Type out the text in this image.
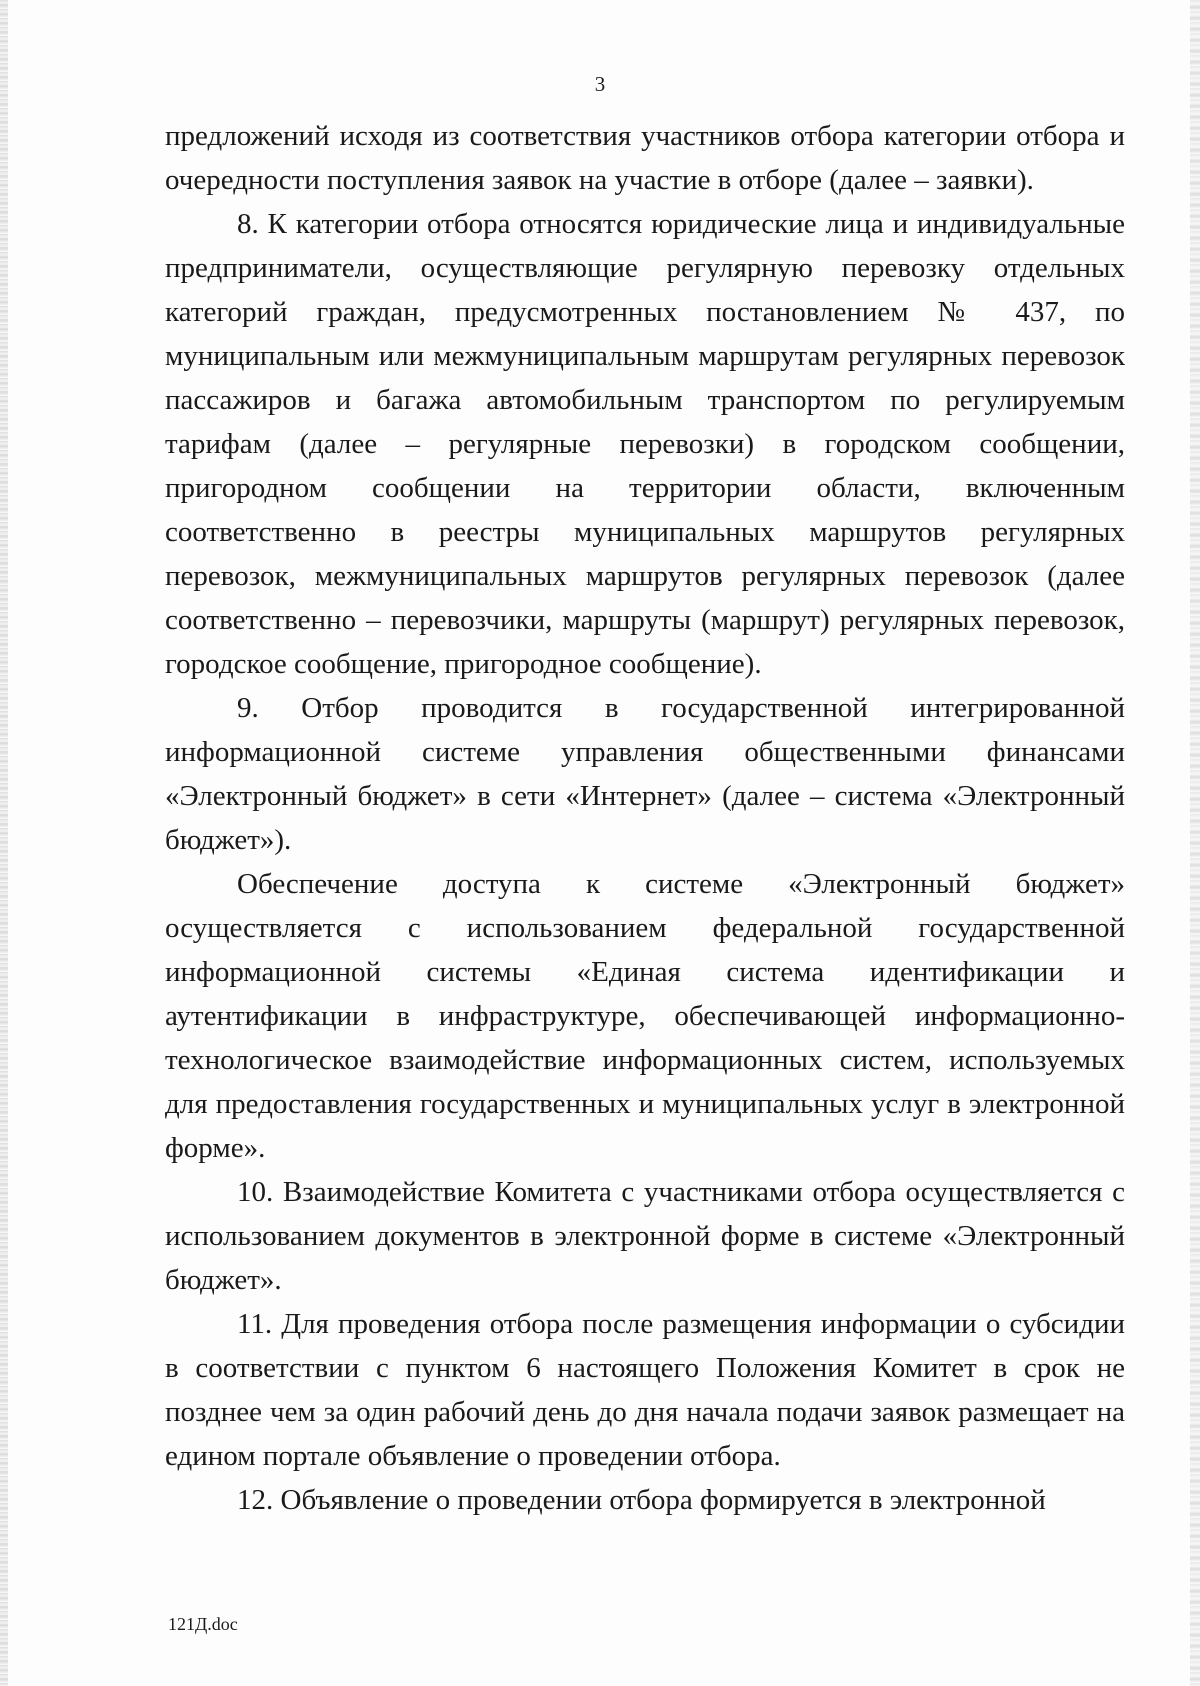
3

предложений исходя из соответствия участников отбора категории отбора и очередности поступления заявок на участие в отборе (далее – заявки).

8. К категории отбора относятся юридические лица и индивидуальные предприниматели, осуществляющие регулярную перевозку отдельных категорий граждан, предусмотренных постановлением № 437, по муниципальным или межмуниципальным маршрутам регулярных перевозок пассажиров и багажа автомобильным транспортом по регулируемым тарифам (далее – регулярные перевозки) в городском сообщении, пригородном сообщении на территории области, включенным соответственно в реестры муниципальных маршрутов регулярных перевозок, межмуниципальных маршрутов регулярных перевозок (далее соответственно – перевозчики, маршруты (маршрут) регулярных перевозок, городское сообщение, пригородное сообщение).

9. Отбор проводится в государственной интегрированной информационной системе управления общественными финансами «Электронный бюджет» в сети «Интернет» (далее – система «Электронный бюджет»).

Обеспечение доступа к системе «Электронный бюджет» осуществляется с использованием федеральной государственной информационной системы «Единая система идентификации и аутентификации в инфраструктуре, обеспечивающей информационно-технологическое взаимодействие информационных систем, используемых для предоставления государственных и муниципальных услуг в электронной форме».

10. Взаимодействие Комитета с участниками отбора осуществляется с использованием документов в электронной форме в системе «Электронный бюджет».

11. Для проведения отбора после размещения информации о субсидии в соответствии с пунктом 6 настоящего Положения Комитет в срок не позднее чем за один рабочий день до дня начала подачи заявок размещает на едином портале объявление о проведении отбора.

12. Объявление о проведении отбора формируется в электронной

121Д.doc
